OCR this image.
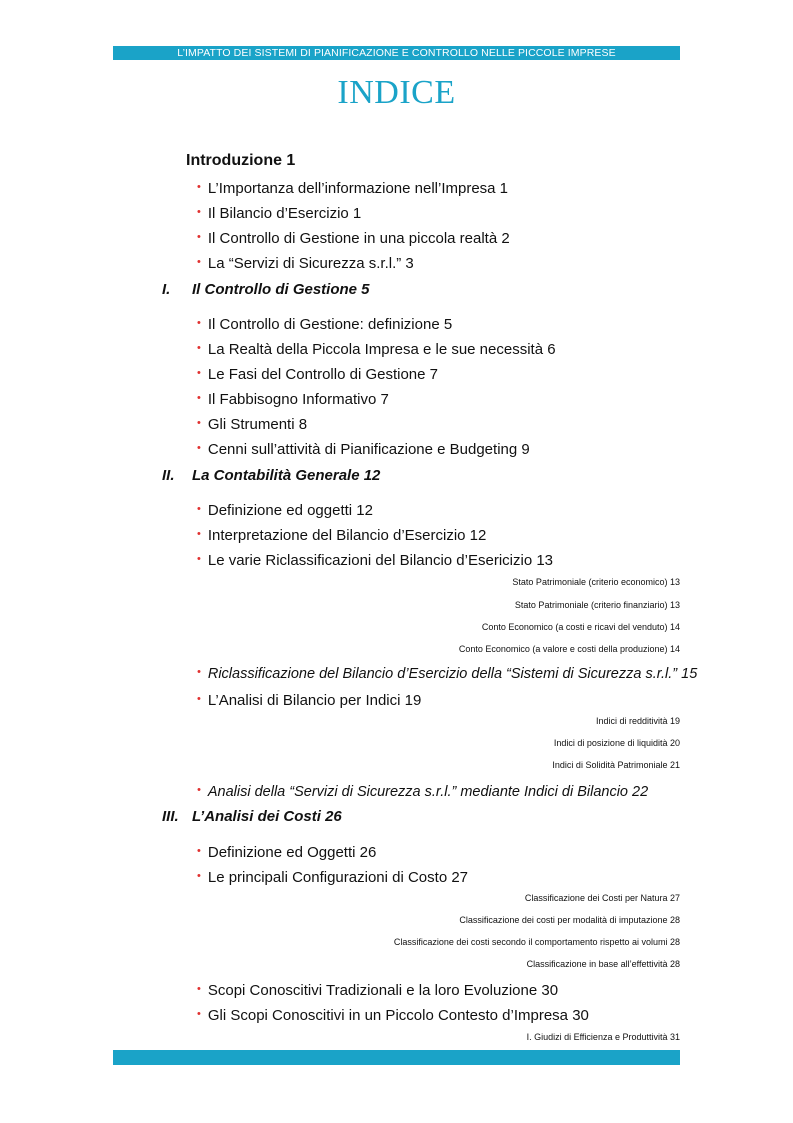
L’IMPATTO DEI SISTEMI DI PIANIFICAZIONE E CONTROLLO NELLE PICCOLE IMPRESE
INDICE
Introduzione 1
• L’Importanza dell’informazione nell’Impresa 1
• Il Bilancio d’Esercizio 1
• Il Controllo di Gestione in una piccola realtà 2
• La “Servizi di Sicurezza s.r.l.” 3
I. Il Controllo di Gestione 5
• Il Controllo di Gestione: definizione 5
• La Realtà della Piccola Impresa e le sue necessità 6
• Le Fasi del Controllo di Gestione 7
• Il Fabbisogno Informativo 7
• Gli Strumenti 8
• Cenni sull’attività di Pianificazione e Budgeting 9
II. La Contabilità Generale 12
• Definizione ed oggetti 12
• Interpretazione del Bilancio d’Esercizio 12
• Le varie Riclassificazioni del Bilancio d’Esericizio 13
Stato Patrimoniale (criterio economico) 13
Stato Patrimoniale (criterio finanziario) 13
Conto Economico (a costi e ricavi del venduto) 14
Conto Economico (a valore e costi della produzione) 14
• Riclassificazione del Bilancio d’Esercizio della “Sistemi di Sicurezza s.r.l.” 15
• L’Analisi di Bilancio per Indici 19
Indici di redditività 19
Indici di posizione di liquidità 20
Indici di Solidità Patrimoniale 21
• Analisi della “Servizi di Sicurezza s.r.l.” mediante Indici di Bilancio 22
III. L’Analisi dei Costi 26
• Definizione ed Oggetti 26
• Le principali Configurazioni di Costo 27
Classificazione dei Costi per Natura 27
Classificazione dei costi per modalità di imputazione 28
Classificazione dei costi secondo il comportamento rispetto ai volumi 28
Classificazione in base all’effettività 28
• Scopi Conoscitivi Tradizionali e la loro Evoluzione 30
• Gli Scopi Conoscitivi in un Piccolo Contesto d’Impresa 30
I. Giudizi di Efficienza e Produttività 31
